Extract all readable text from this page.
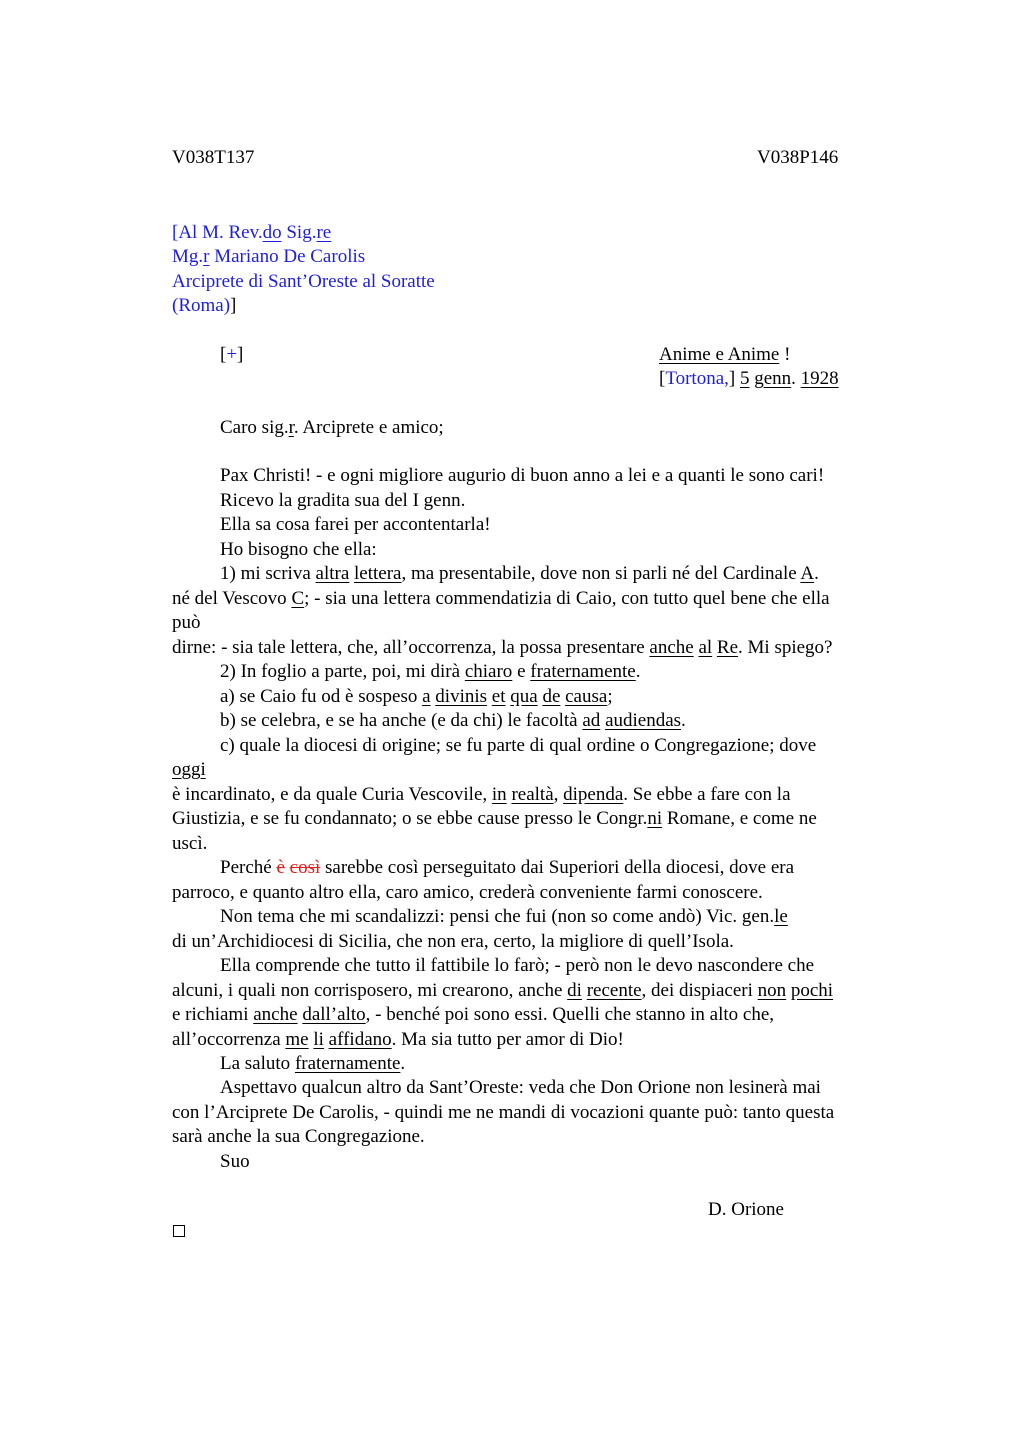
V038T137	V038P146
[Al M. Rev.do Sig.re
Mg.r Mariano De Carolis
Arciprete di Sant’Oreste al Soratte
(Roma)]
[+]	Anime e Anime !
[Tortona,] 5 genn. 1928
Caro sig.r. Arciprete e amico;
Pax Christi! - e ogni migliore augurio di buon anno a lei e a quanti le sono cari!
Ricevo la gradita sua del I genn.
Ella sa cosa farei per accontentarla!
Ho bisogno che ella:
1) mi scriva altra lettera, ma presentabile, dove non si parli né del Cardinale A.
né del Vescovo C; - sia una lettera commendatizia di Caio, con tutto quel bene che ella
può
dirne: - sia tale lettera, che, all’occorrenza, la possa presentare anche al Re. Mi spiego?
2) In foglio a parte, poi, mi dirà chiaro e fraternamente.
a) se Caio fu od è sospeso a divinis et qua de causa;
b) se celebra, e se ha anche (e da chi) le facoltà ad audiendas.
c) quale la diocesi di origine; se fu parte di qual ordine o Congregazione; dove
oggi
è incardinato, e da quale Curia Vescovile, in realtà, dipenda. Se ebbe a fare con la
Giustizia, e se fu condannato; o se ebbe cause presso le Congr.ni Romane, e come ne
uscì.
Perché è così sarebbe così perseguitato dai Superiori della diocesi, dove era
parroco, e quanto altro ella, caro amico, crederà conveniente farmi conoscere.
Non tema che mi scandalizzi: pensi che fui (non so come andò) Vic. gen.le
di un’Archidiocesi di Sicilia, che non era, certo, la migliore di quell’Isola.
Ella comprende che tutto il fattibile lo farò; - però non le devo nascondere che
alcuni, i quali non corrisposero, mi crearono, anche di recente, dei dispiaceri non pochi
e richiami anche dall’alto, - benché poi sono essi. Quelli che stanno in alto che,
all’occorrenza me li affidano. Ma sia tutto per amor di Dio!
La saluto fraternamente.
Aspettavo qualcun altro da Sant’Oreste: veda che Don Orione non lesinerà mai
con l’Arciprete De Carolis, - quindi me ne mandi di vocazioni quante può: tanto questa
sarà anche la sua Congregazione.
Suo
D. Orione
